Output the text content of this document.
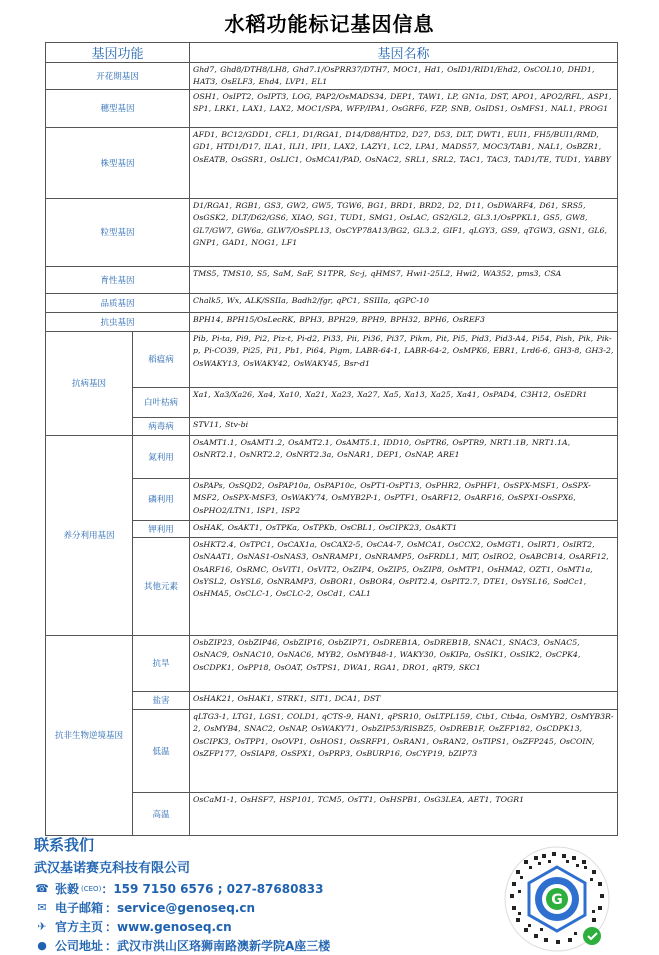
水稻功能标记基因信息
基因功能		基因名称
开花期基因		Ghd7, Ghd8/DTH8/LH8, Ghd7.1/OsPRR37/DTH7, MOC1, Hd1, OsID1/RID1/Ehd2, OsCOL10, DHD1, HAT3, OsELF3, Ehd4, LVP1, EL1
穗型基因		OSH1, OsIPT2, OsIPT3, LOG, PAP2/OsMADS34, DEP1, TAW1, LP, GN1a, DST, APO1, APO2/RFL, ASP1, SP1, LRK1, LAX1, LAX2, MOC1/SPA, WFP/IPA1, OsGRF6, FZP, SNB, OsIDS1, OsMFS1, NAL1, PROG1
株型基因		AFD1, BC12/GDD1, CFL1, D1/RGA1, D14/D88/HTD2, D27, D53, DLT, DWT1, EUI1, FH5/BUI1/RMD, GD1, HTD1/D17, ILA1, ILI1, IPI1, LAX2, LAZY1, LC2, LPA1, MADS57, MOC3/TAB1, NAL1, OsBZR1, OsEATB, OsGSR1, OsLIC1, OsMCA1/PAD, OsNAC2, SRL1, SRL2, TAC1, TAC3, TAD1/TE, TUD1, YABBY
粒型基因		D1/RGA1, RGB1, GS3, GW2, GW5, TGW6, BG1, BRD1, BRD2, D2, D11, OsDWARF4, D61, SRS5, OsGSK2, DLT/D62/GS6, XIAO, SG1, TUD1, SMG1, OsLAC, GS2/GL2, GL3.1/OsPPKL1, GS5, GW8, GL7/GW7, GW6a, GLW7/OsSPL13, OsCYP78A13/BG2, GL3.2, GIF1, qLGY3, GS9, qTGW3, GSN1, GL6, GNP1, GAD1, NOG1, LF1
育性基因		TMS5, TMS10, S5, SaM, SaF, S1TPR, Sc-j, qHMS7, Hwi1-25L2, Hwi2, WA352, pms3, CSA
品质基因		Chalk5, Wx, ALK/SSIIa, Badh2/fgr, qPC1, SSIIIa, qGPC-10
抗虫基因		BPH14, BPH15/OsLecRK, BPH3, BPH29, BPH9, BPH32, BPH6, OsREF3
抗病基因	稻瘟病	Pib, Pi-ta, Pi9, Pi2, Piz-t, Pi-d2, Pi33, Pii, Pi36, Pi37, Pikm, Pit, Pi5, Pid3, Pid3-A4, Pi54, Pish, Pik, Pik-p, Pi-CO39, Pi25, Pi1, Pb1, Pi64, Pigm, LABR-64-1, LABR-64-2, OsMPK6, EBR1, Lrd6-6, GH3-8, GH3-2, OsWAKY13, OsWAKY42, OsWAKY45, Bsr-d1
	白叶枯病	Xa1, Xa3/Xa26, Xa4, Xa10, Xa21, Xa23, Xa27, Xa5, Xa13, Xa25, Xa41, OsPAD4, C3H12, OsEDR1
	病毒病	STV11, Stv-bi
养分利用基因	氮利用	OsAMT1.1, OsAMT1.2, OsAMT2.1, OsAMT5.1, IDD10, OsPTR6, OsPTR9, NRT1.1B, NRT1.1A, OsNRT2.1, OsNRT2.2, OsNRT2.3a, OsNAR1, DEP1, OsNAP, ARE1
	磷利用	OsPAPs, OsSQD2, OsPAP10a, OsPAP10c, OsPT1-OsPT13, OsPHR2, OsPHF1, OsSPX-MSF1, OsSPX-MSF2, OsSPX-MSF3, OsWAKY74, OsMYB2P-1, OsPTF1, OsARF12, OsARF16, OsSPX1-OsSPX6, OsPHO2/LTN1, ISP1, ISP2
	钾利用	OsHAK, OsAKT1, OsTPKa, OsTPKb, OsCBL1, OsCIPK23, OsAKT1
	其他元素	OsHKT2.4, OsTPC1, OsCAX1a, OsCAX2-5, OsCA4-7, OsMCA1, OsCCX2, OsMGT1, OsIRT1, OsIRT2, OsNAAT1, OsNAS1-OsNAS3, OsNRAMP1, OsNRAMP5, OsFRDL1, MIT, OsIRO2, OsABCB14, OsARF12, OsARF16, OsRMC, OsVIT1, OsVIT2, OsZIP4, OsZIP5, OsZIP8, OsMTP1, OsHMA2, OZT1, OsMT1a, OsYSL2, OsYSL6, OsNRAMP3, OsBOR1, OsBOR4, OsPIT2.4, OsPIT2.7, DTE1, OsYSL16, SodCc1, OsHMA5, OsCLC-1, OsCLC-2, OsCd1, CAL1
抗非生物逆境基因	抗旱	OsbZIP23, OsbZIP46, OsbZIP16, OsbZIP71, OsDREB1A, OsDREB1B, SNAC1, SNAC3, OsNAC5, OsNAC9, OsNAC10, OsNAC6, MYB2, OsMYB48-1, WAKY30, OsKIPa, OsSIK1, OsSIK2, OsCPK4, OsCDPK1, OsPP18, OsOAT, OsTPS1, DWA1, RGA1, DRO1, qRT9, SKC1
	盐害	OsHAK21, OsHAK1, STRK1, SIT1, DCA1, DST
	低温	qLTG3-1, LTG1, LGS1, COLD1, qCTS-9, HAN1, qPSR10, OsLTPL159, Ctb1, Ctb4a, OsMYB2, OsMYB3R-2, OsMYB4, SNAC2, OsNAP, OsWAKY71, OsbZIP53/RISBZ5, OsDREB1F, OsZFP182, OsCDPK13, OsCIPK3, OsTPP1, OsOVP1, OsHOS1, OsSRFP1, OsRAN1, OsRAN2, OsTIPS1, OsZFP245, OsCOIN, OsZFP177, OsSIAP8, OsSPX1, OsPRP3, OsBURP16, OsCYP19, bZIP73
	高温	OsCaM1-1, OsHSF7, HSP101, TCM5, OsTT1, OsHSPB1, OsG3LEA, AET1, TOGR1
联系我们
武汉基诺赛克科技有限公司
☎ 张毅 (CEO) ：159 7150 6576 ; 027-87680833
✉ 电子邮箱 ：service@genoseq.cn
✈ 官方主页 ：www.genoseq.cn
● 公司地址 ：武汉市洪山区珞狮南路澳新学院A座三楼
G
